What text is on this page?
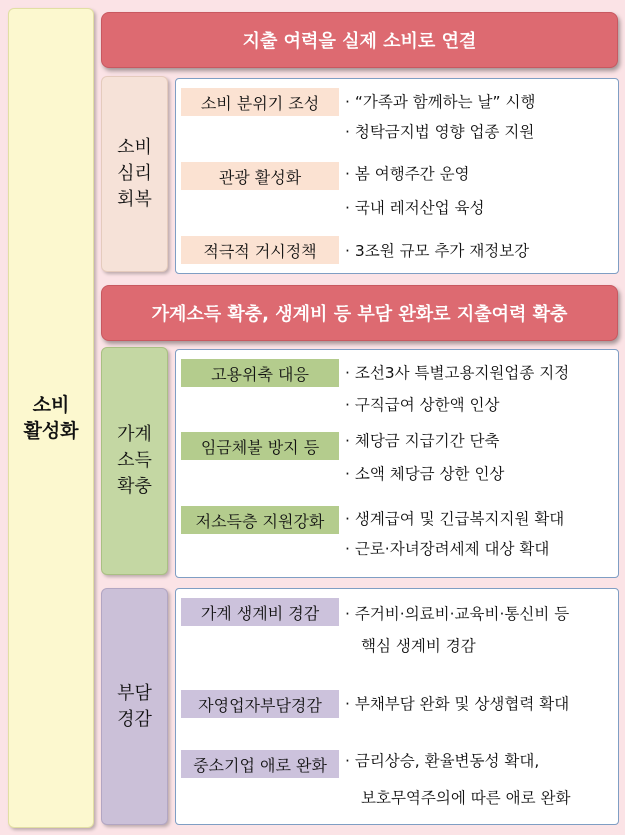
소비
활성화
지출 여력을 실제 소비로 연결
소비
심리
회복
소비 분위기 조성
관광 활성화
적극적 거시정책
· “가족과 함께하는 날” 시행
· 청탁금지법 영향 업종 지원
· 봄 여행주간 운영
· 국내 레저산업 육성
· 3조원 규모 추가 재정보강
가계소득 확충, 생계비 등 부담 완화로 지출여력 확충
가계
소득
확충
고용위축 대응
임금체불 방지 등
저소득층 지원강화
· 조선3사 특별고용지원업종 지정
· 구직급여 상한액 인상
· 체당금 지급기간 단축
· 소액 체당금 상한 인상
· 생계급여 및 긴급복지지원 확대
· 근로·자녀장려세제 대상 확대
부담
경감
가계 생계비 경감
자영업자부담경감
중소기업 애로 완화
· 주거비·의료비·교육비·통신비 등
핵심 생계비 경감
· 부채부담 완화 및 상생협력 확대
· 금리상승, 환율변동성 확대,
보호무역주의에 따른 애로 완화
